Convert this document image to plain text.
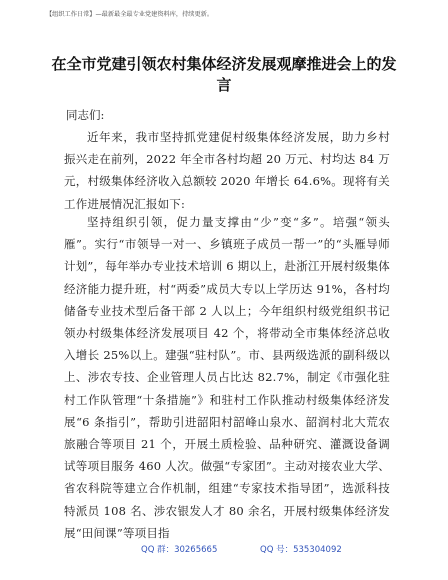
【组织工作日常】—最新最全最专业党建资料库，持续更新。
在全市党建引领农村集体经济发展观摩推进会上的发言
同志们:
近年来，我市坚持抓党建促村级集体经济发展，助力乡村振兴走在前列，2022 年全市各村均超 20 万元、村均达 84 万元，村级集体经济收入总额较 2020 年增长 64.6%。现将有关工作进展情况汇报如下:
坚持组织引领，促力量支撑由“少”变“多”。培强“领头雁”。实行“市领导一对一、乡镇班子成员一帮一”的“头雁导师计划”，每年举办专业技术培训 6 期以上，赴浙江开展村级集体经济能力提升班，村“两委”成员大专以上学历达 91%，各村均储备专业技术型后备干部 2 人以上；今年组织村级党组织书记领办村级集体经济发展项目 42 个，将带动全市集体经济总收入增长 25%以上。建强“驻村队”。市、县两级选派的副科级以上、涉农专技、企业管理人员占比达 82.7%，制定《市强化驻村工作队管理“十条措施”》和驻村工作队推动村级集体经济发展“6 条指引”，帮助引进韶阳村韶峰山泉水、韶润村北大荒农旅融合等项目 21 个，开展土质检验、品种研究、灌溉设备调试等项目服务 460 人次。做强“专家团”。主动对接农业大学、省农科院等建立合作机制，组建“专家技术指导团”，选派科技特派员 108 名、涉农银发人才 80 余名，开展村级集体经济发展“田间课”等项目指
QQ 群：30265665	QQ 号：535304092
